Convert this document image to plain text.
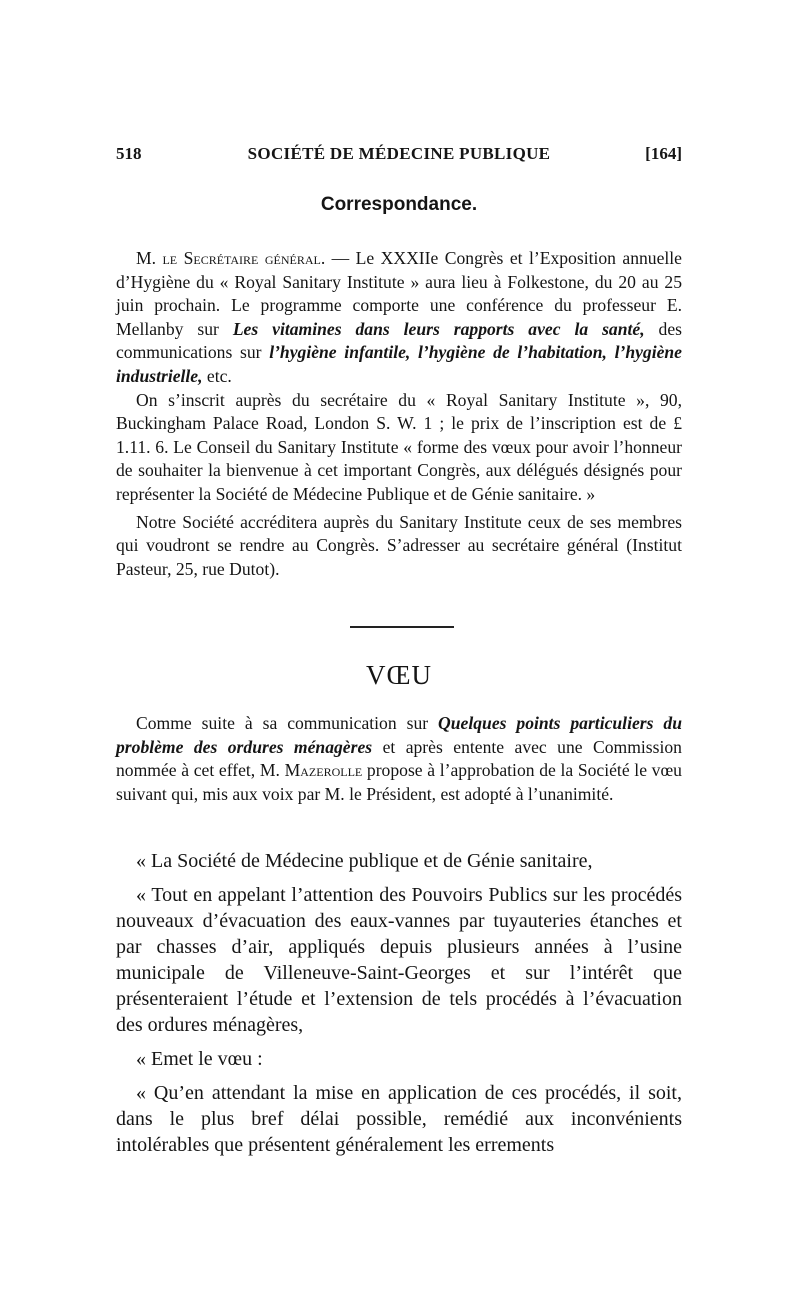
518	SOCIÉTÉ DE MÉDECINE PUBLIQUE	[164]
Correspondance.

M. le Secrétaire général. — Le XXXIIe Congrès et l’Exposition annuelle d’Hygiène du « Royal Sanitary Institute » aura lieu à Folkestone, du 20 au 25 juin prochain. Le programme comporte une conférence du professeur E. Mellanby sur Les vitamines dans leurs rapports avec la santé, des communications sur l’hygiène infantile, l’hygiène de l’habitation, l’hygiène industrielle, etc.

On s’inscrit auprès du secrétaire du « Royal Sanitary Institute », 90, Buckingham Palace Road, London S. W. 1 ; le prix de l’inscription est de £ 1.11. 6. Le Conseil du Sanitary Institute « forme des vœux pour avoir l’honneur de souhaiter la bienvenue à cet important Congrès, aux délégués désignés pour représenter la Société de Médecine Publique et de Génie sanitaire. »

Notre Société accréditera auprès du Sanitary Institute ceux de ses membres qui voudront se rendre au Congrès. S’adresser au secrétaire général (Institut Pasteur, 25, rue Dutot).

VŒU

Comme suite à sa communication sur Quelques points particuliers du problème des ordures ménagères et après entente avec une Commission nommée à cet effet, M. Mazerolle propose à l’approbation de la Société le vœu suivant qui, mis aux voix par M. le Président, est adopté à l’unanimité.

« La Société de Médecine publique et de Génie sanitaire,

« Tout en appelant l’attention des Pouvoirs Publics sur les procédés nouveaux d’évacuation des eaux-vannes par tuyauteries étanches et par chasses d’air, appliqués depuis plusieurs années à l’usine municipale de Villeneuve-Saint-Georges et sur l’intérêt que présenteraient l’étude et l’extension de tels procédés à l’évacuation des ordures ménagères,

« Emet le vœu :

« Qu’en attendant la mise en application de ces procédés, il soit, dans le plus bref délai possible, remédié aux inconvénients intolérables que présentent généralement les errements
